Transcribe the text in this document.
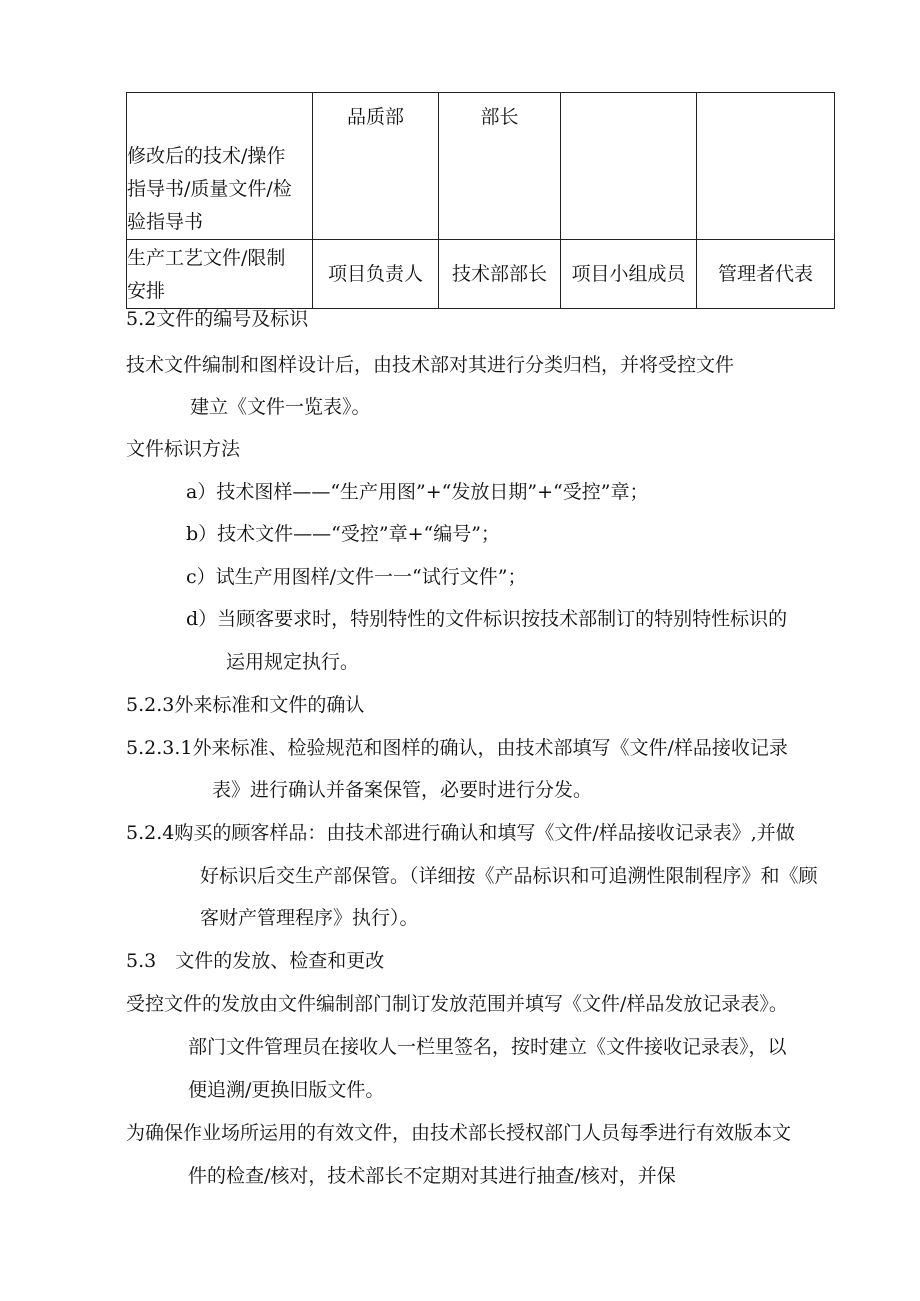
修改后的技术/操作
指导书/质量文件/检
验指导书	品质部	部长		

生产工艺文件/限制
安排	项目负责人	技术部部长	项目小组成员	管理者代表
5.2文件的编号及标识
技术文件编制和图样设计后，由技术部对其进行分类归档，并将受控文件
建立《文件一览表》。
文件标识方法
a）技术图样——“生产用图”+“发放日期”+“受控”章；
b）技术文件——“受控”章+“编号”；
c）试生产用图样/文件一一“试行文件”；
d）当顾客要求时，特别特性的文件标识按技术部制订的特别特性标识的
运用规定执行。
5.2.3外来标准和文件的确认
5.2.3.1外来标准、检验规范和图样的确认，由技术部填写《文件/样品接收记录
表》进行确认并备案保管，必要时进行分发。
5.2.4购买的顾客样品：由技术部进行确认和填写《文件/样品接收记录表》,并做
好标识后交生产部保管。（详细按《产品标识和可追溯性限制程序》和《顾
客财产管理程序》执行）。
5.3　文件的发放、检查和更改
受控文件的发放由文件编制部门制订发放范围并填写《文件/样品发放记录表》。
部门文件管理员在接收人一栏里签名，按时建立《文件接收记录表》，以
便追溯/更换旧版文件。
为确保作业场所运用的有效文件，由技术部长授权部门人员每季进行有效版本文
件的检查/核对，技术部长不定期对其进行抽查/核对，并保
